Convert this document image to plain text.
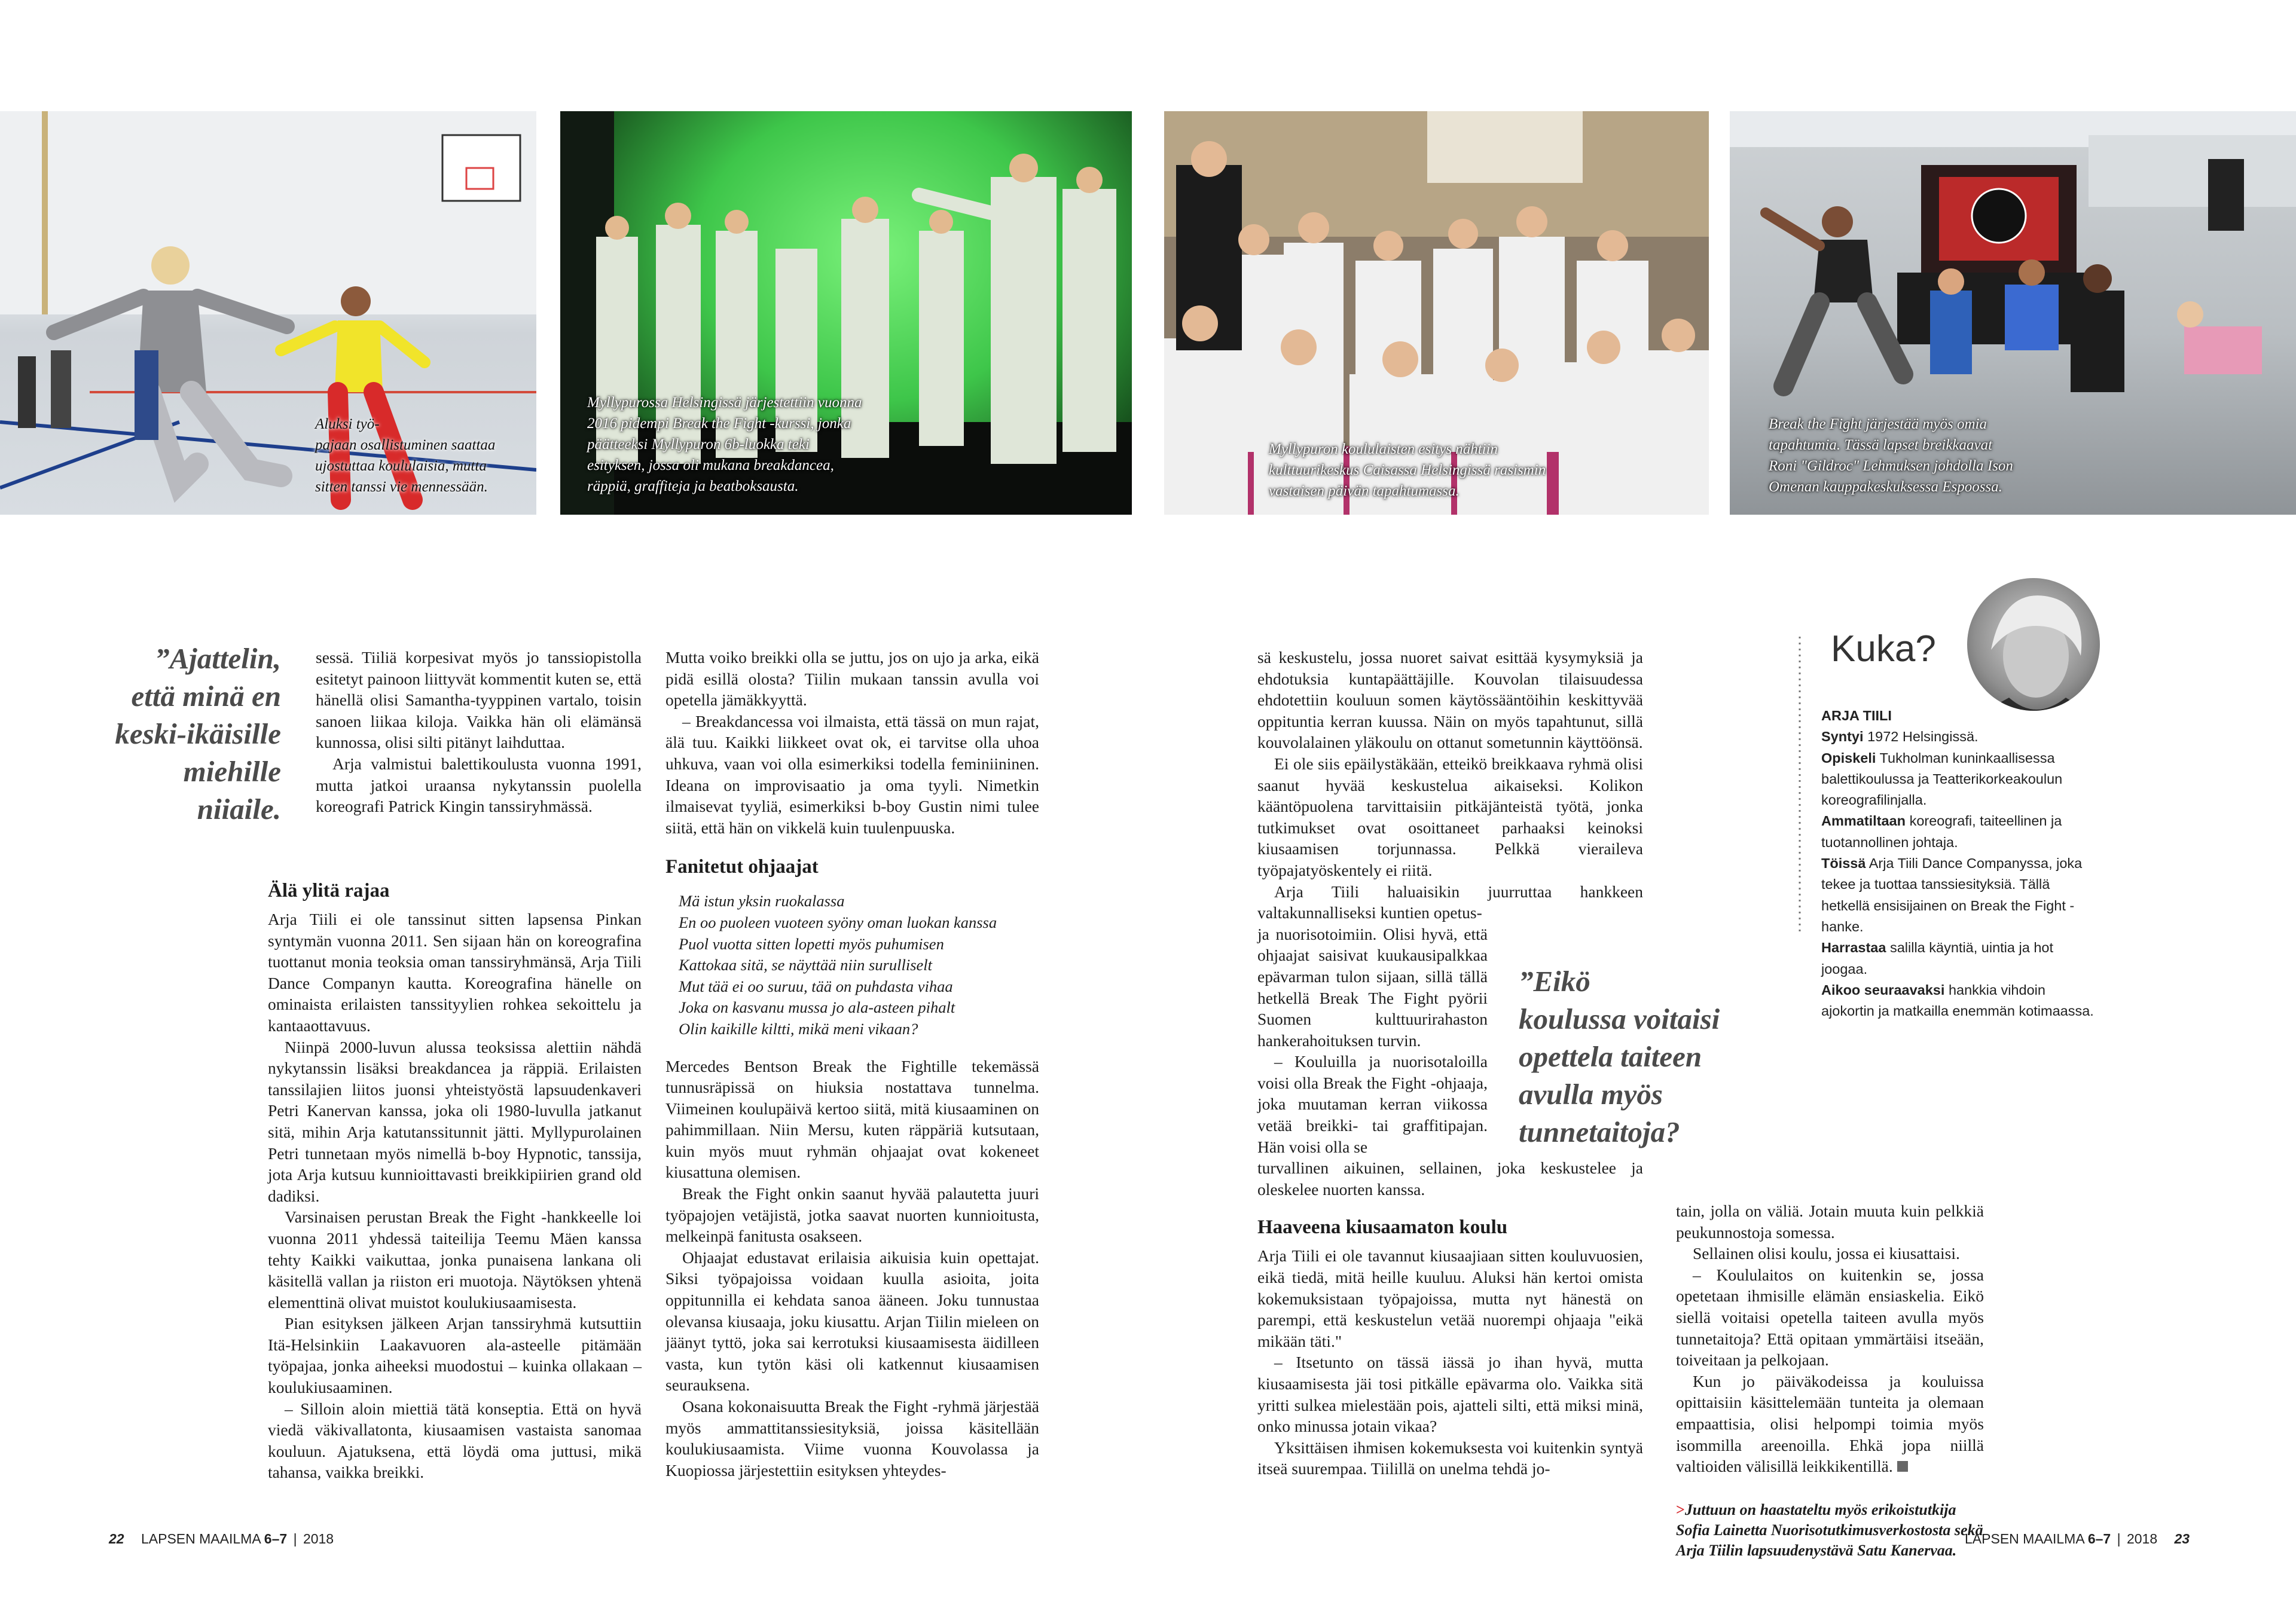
Aluksi työ-
pajaan osallistuminen saattaa
ujostuttaa koululaisia, mutta
sitten tanssi vie mennessään.
Myllypurossa Helsingissä järjestettiin vuonna
2016 pidempi Break the Fight -kurssi, jonka
päätteeksi Myllypuron 6b-luokka teki
esityksen, jossa oli mukana breakdancea,
räppiä, graffiteja ja beatboksausta.
Myllypuron koululaisten esitys nähtiin
kulttuurikeskus Caisassa Helsingissä rasismin
vastaisen päivän tapahtumassa.
Break the Fight järjestää myös omia
tapahtumia. Tässä lapset breikkaavat
Roni "Gildroc" Lehmuksen johdolla Ison
Omenan kauppakeskuksessa Espoossa.
”Ajattelin,
että minä en
keski-ikäisille
miehille
niiaile.
”Eikö
koulussa voitaisi
opettela taiteen
avulla myös
tunnetaitoja?

sessä. Tiiliä korpesivat myös jo tanssiopistolla esitetyt painoon liittyvät kommentit kuten se, että hänellä olisi Samantha-tyyppinen vartalo, toisin sanoen liikaa kiloja. Vaikka hän oli elämänsä kunnossa, olisi silti pitänyt laihduttaa.

Arja valmistui balettikoulusta vuonna 1991, mutta jatkoi uraansa nykytanssin puolella koreografi Patrick Kingin tanssiryhmässä.

Älä ylitä rajaa

Arja Tiili ei ole tanssinut sitten lapsensa Pinkan syntymän vuonna 2011. Sen sijaan hän on koreografina tuottanut monia teoksia oman tanssiryhmänsä, Arja Tiili Dance Companyn kautta. Koreografina hänelle on ominaista erilaisten tanssityylien rohkea sekoittelu ja kantaaottavuus.

Niinpä 2000-luvun alussa teoksissa alettiin nähdä nykytanssin lisäksi breakdancea ja räppiä. Erilaisten tanssilajien liitos juonsi yhteistyöstä lapsuudenkaveri Petri Kanervan kanssa, joka oli 1980-luvulla jatkanut sitä, mihin Arja katutanssitunnit jätti. Myllypurolainen Petri tunnetaan myös nimellä b-boy Hypnotic, tanssija, jota Arja kutsuu kunnioittavasti breikkipiirien grand old dadiksi.

Varsinaisen perustan Break the Fight -hankkeelle loi vuonna 2011 yhdessä taiteilija Teemu Mäen kanssa tehty Kaikki vaikuttaa, jonka punaisena lankana oli käsitellä vallan ja riiston eri muotoja. Näytöksen yhtenä elementtinä olivat muistot koulukiusaamisesta.

Pian esityksen jälkeen Arjan tanssiryhmä kutsuttiin Itä-Helsinkiin Laakavuoren ala-asteelle pitämään työpajaa, jonka aiheeksi muodostui – kuinka ollakaan – koulukiusaaminen.

– Silloin aloin miettiä tätä konseptia. Että on hyvä viedä väkivallatonta, kiusaamisen vastaista sanomaa kouluun. Ajatuksena, että löydä oma juttusi, mikä tahansa, vaikka breikki.

Mutta voiko breikki olla se juttu, jos on ujo ja arka, eikä pidä esillä olosta? Tiilin mukaan tanssin avulla voi opetella jämäkkyyttä.

– Breakdancessa voi ilmaista, että tässä on mun rajat, älä tuu. Kaikki liikkeet ovat ok, ei tarvitse olla uhoa uhkuva, vaan voi olla esimerkiksi todella feminiininen. Ideana on improvisaatio ja oma tyyli. Nimetkin ilmaisevat tyyliä, esimerkiksi b-boy Gustin nimi tulee siitä, että hän on vikkelä kuin tuulenpuuska.

Fanitetut ohjaajat
Mä istun yksin ruokalassa
En oo puoleen vuoteen syöny oman luokan kanssa
Puol vuotta sitten lopetti myös puhumisen
Kattokaa sitä, se näyttää niin surulliselt
Mut tää ei oo suruu, tää on puhdasta vihaa
Joka on kasvanu mussa jo ala-asteen pihalt
Olin kaikille kiltti, mikä meni vikaan?

Mercedes Bentson Break the Fightille tekemässä tunnusräpissä on hiuksia nostattava tunnelma. Viimeinen koulupäivä kertoo siitä, mitä kiusaaminen on pahimmillaan. Niin Mersu, kuten räppäriä kutsutaan, kuin myös muut ryhmän ohjaajat ovat kokeneet kiusattuna olemisen.

Break the Fight onkin saanut hyvää palautetta juuri työpajojen vetäjistä, jotka saavat nuorten kunnioitusta, melkeinpä fanitusta osakseen.

Ohjaajat edustavat erilaisia aikuisia kuin opettajat. Siksi työpajoissa voidaan kuulla asioita, joita oppitunnilla ei kehdata sanoa ääneen. Joku tunnustaa olevansa kiusaaja, joku kiusattu. Arjan Tiilin mieleen on jäänyt tyttö, joka sai kerrotuksi kiusaamisesta äidilleen vasta, kun tytön käsi oli katkennut kiusaamisen seurauksena.

Osana kokonaisuutta Break the Fight -ryhmä järjestää myös ammattitanssiesityksiä, joissa käsitellään koulukiusaamista. Viime vuonna Kouvolassa ja Kuopiossa järjestettiin esityksen yhteydes-

sä keskustelu, jossa nuoret saivat esittää kysymyksiä ja ehdotuksia kuntapäättäjille. Kouvolan tilaisuudessa ehdotettiin kouluun somen käytössääntöihin keskittyvää oppituntia kerran kuussa. Näin on myös tapahtunut, sillä kouvolalainen yläkoulu on ottanut sometunnin käyttöönsä.

Ei ole siis epäilystäkään, etteikö breikkaava ryhmä olisi saanut hyvää keskustelua aikaiseksi. Kolikon kääntöpuolena tarvittaisiin pitkäjänteistä työtä, jonka tutkimukset ovat osoittaneet parhaaksi keinoksi kiusaamisen torjunnassa. Pelkkä vieraileva työpajatyöskentely ei riitä.

Arja Tiili haluaisikin juurruttaa hankkeen valtakunnalliseksi kuntien opetus-

ja nuorisotoimiin. Olisi hyvä, että ohjaajat saisivat kuukausipalkkaa epävarman tulon sijaan, sillä tällä hetkellä Break The Fight pyörii Suomen kulttuurirahaston hankerahoituksen turvin.

– Kouluilla ja nuorisotaloilla voisi olla Break the Fight -ohjaaja, joka muutaman kerran viikossa vetää breikki- tai graffitipajan. Hän voisi olla se

turvallinen aikuinen, sellainen, joka keskustelee ja oleskelee nuorten kanssa.

Haaveena kiusaamaton koulu

Arja Tiili ei ole tavannut kiusaajiaan sitten kouluvuosien, eikä tiedä, mitä heille kuuluu. Aluksi hän kertoi omista kokemuksistaan työpajoissa, mutta nyt hänestä on parempi, että keskustelun vetää nuorempi ohjaaja "eikä mikään täti."

– Itsetunto on tässä iässä jo ihan hyvä, mutta kiusaamisesta jäi tosi pitkälle epävarma olo. Vaikka sitä yritti sulkea mielestään pois, ajatteli silti, että miksi minä, onko minussa jotain vikaa?

Yksittäisen ihmisen kokemuksesta voi kuitenkin syntyä itseä suurempaa. Tiilillä on unelma tehdä jo-

tain, jolla on väliä. Jotain muuta kuin pelkkiä peukunnostoja somessa.

Sellainen olisi koulu, jossa ei kiusattaisi.

– Koululaitos on kuitenkin se, jossa opetetaan ihmisille elämän ensiaskelia. Eikö siellä voitaisi opetella taiteen avulla myös tunnetaitoja? Että opitaan ymmärtäisi itseään, toiveitaan ja pelkojaan.

Kun jo päiväkodeissa ja kouluissa opittaisiin käsittelemään tunteita ja olemaan empaattisia, olisi helpompi toimia myös isommilla areenoilla. Ehkä jopa niillä valtioiden välisillä leikkikentillä.

>Juttuun on haastateltu myös erikoistutkija Sofia Lainetta Nuorisotutkimusverkostosta sekä Arja Tiilin lapsuudenystävä Satu Kanervaa.

Kuka?

ARJA TIILI

Syntyi 1972 Helsingissä.

Opiskeli Tukholman kuninkaallisessa balettikoulussa ja Teatterikorkeakoulun koreografilinjalla.

Ammatiltaan koreografi, taiteellinen ja tuotannollinen johtaja.

Töissä Arja Tiili Dance Companyssa, joka tekee ja tuottaa tanssiesityksiä. Tällä hetkellä ensisijainen on Break the Fight -hanke.

Harrastaa salilla käyntiä, uintia ja hot joogaa.

Aikoo seuraavaksi hankkia vihdoin ajokortin ja matkailla enemmän kotimaassa.

22 LAPSEN MAAILMA 6–7 | 2018	LAPSEN MAAILMA 6–7 | 2018 23
